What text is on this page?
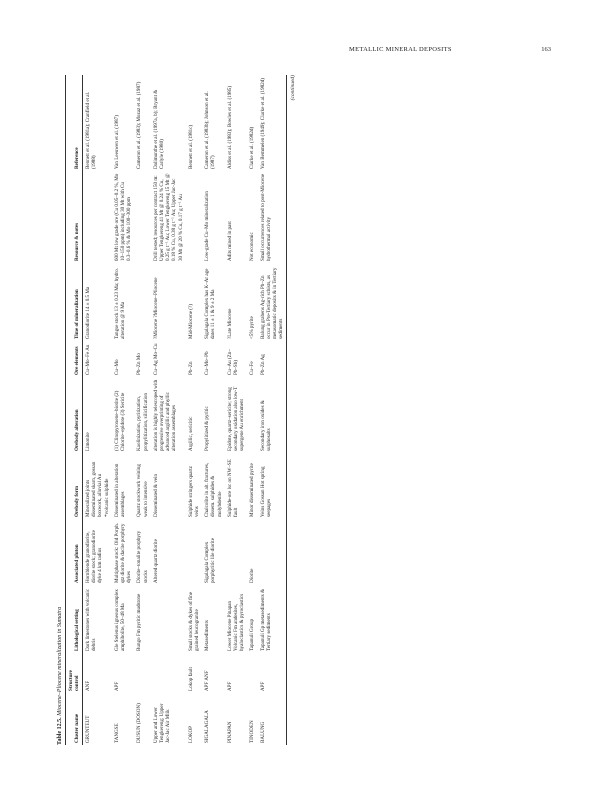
METALLIC MINERAL DEPOSITS	163
Table 12.5. Miocene–Pliocene mineralization in Sumatra
Cluster name	Structure control	Lithological setting	Associated pluton	Orebody form	Orebody alteration	Ore elements	Time of mineralization	Resource & notes	Reference
GRUNTEUT	ANF	Dark limestones with volcanic debris	Hornblende granodiorite, diorite stock; granodiorite dyke 4 km radius	Mineralized joints disseminated skarn, gossan boxwork, alluvial Au *volcanic sulphide	Limonite	Cu–Mo–Fe Au	Granodiorite 14 ± 0.5 Ma		Bennett et al. (1981a); Cranfield et al. (1988)
TANGSE	APF	Gle Stelenus igneous complex amphibolite, 50–48 Ma	Multiphase stock: Old Porph. qtz diorite & dacite porphyry dykes	Disseminated in alteration assemblages	(1) Clinopyroxene–biotite (2) Chlorite–epidote (3) Sericite	Cu–Mo	Tangse stock 13 ± 0.23 Ma; hydro. alteration @ 9 Ma	600 Mt low grade ore (Cu 0.05–0.2 %, Mo 10–150 ppm) including 30 Mt with Cu 0.3–0.6 % & Mo 100–300 ppm	Van Leeuwen et al. (1987)
DUSUN (DOSON)		Bungo Fm pyritic mudstone	Diorite–tonalite porphyry stocks	Quartz stockwork veining weak to intensive	Kaolinization, pyritization, propylitization, silicification	Pb–Zn Mo			Cameron et al. (1983); Mozaz et al. (1987)
Upper and Lower Tengkereng; Upper Jac-Jac Air Mlik			Altered quartz diorite	Disseminated & vein	alteration is highly telescoped with progressive overprinting of advanced argillic and phyllic alteration assemblages	Cu–Ag Mo–Cu	?Miocene ?Miocene–Pliocene	Drill tested; resources per contract 150 m: Upper Tengkereng 41 Mt @ 0.24 % Cu, 0.25 g t⁻¹ Au; Lower Tengkereng 15 Mt @ 0.18 % Cu, 0.38 g t⁻¹ Au; Upper Jac-Jac 30 Mt @ 20 % Cu, 0.17 g t⁻¹ Au	Dalimunthe et al. (1997a, b); Bryant & Carlyle (1980)
LOKOP	Lokop fault	Small stocks & dykes of fine grained leucogranite		Sulphide stringers quartz veins	Argillic, sericitic	Pb–Zn	Mid-Miocene (?)		Bennett et al. (1981c)
SIGALAGALA	APF ANF	Metasediments	Sigalagala Complex porphyritic lile diorite	Chalcolite in alt. fractures, dissem. sulphides & molybdenite	Propylitized & pyritic	Cu–Mo–Pb	Sigalagala Complex has K–Ar age dates 11 ± 1 & 9 ± 2 Ma	Low-grade Cu–Mo mineralization	Cameron et al. (1983b); Johnson et al. (1987)
PINAPAN	APF	Lower Miocene Pinapan Volcanic Fm andesites, hyaloclastics & pyroclastics		Sulphide-ore lsc on NW–SE fault	Epidote, quartz–sericite; strong secondary oxidation also low-T supergene Au enrichment	Cu–Au (Zn–Pb–Sb)	?Late Miocene	Adits mined in past	Aldiss et al. (1983); Bowles et al. (1985)
TINODEN		Tapanuli Group	Diorite	Minor disseminated pyrite		Cu–Fe	<5% pyrite	Not economic	Clarke et al. (1982d)
BALUNG	APF	Tapanuli Gp metasediments & Tertiary sediments		Veins Gossan Hot spring seepages	Secondary iron oxides & sulphosalts	Pb–Zn Ag	Balung grabens Ag-rich Pb–Zn occur in Pre-Tertiary schists, as metasomatic deposits & in Tertiary sediments	Small occurrences related to post-Miocene hydrothermal activity	Van Bemmelen (1949); Clarke et al. (1982d)	(continued)
